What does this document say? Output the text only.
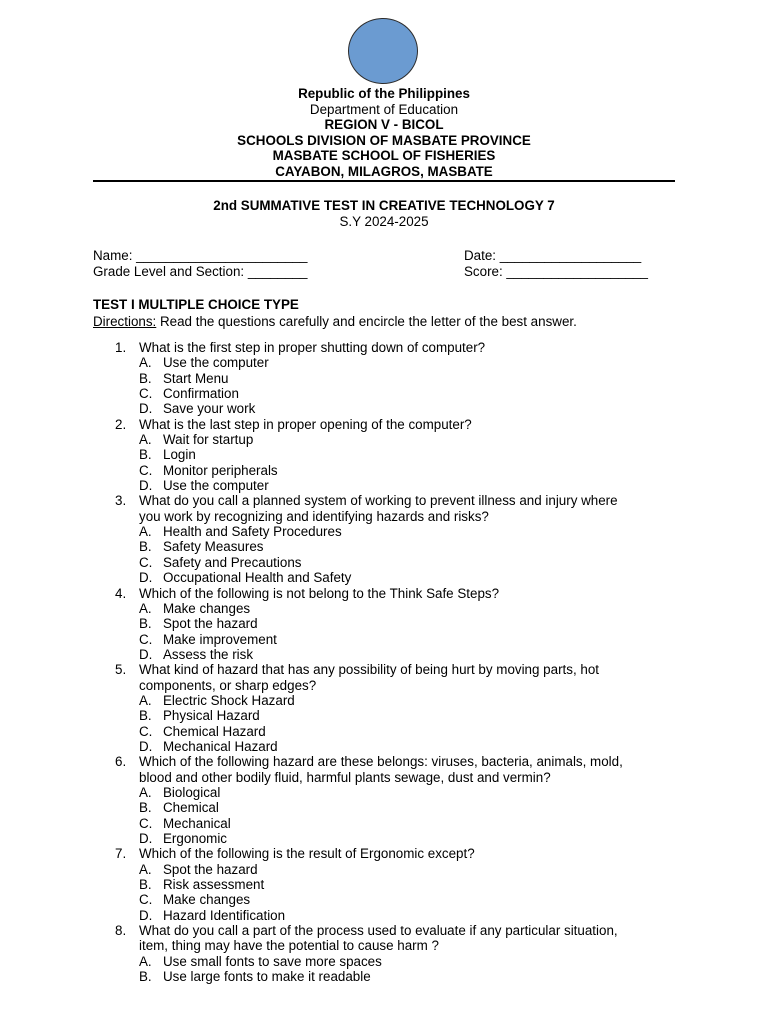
Republic of the Philippines
Department of Education
REGION V - BICOL
SCHOOLS DIVISION OF MASBATE PROVINCE
MASBATE SCHOOL OF FISHERIES
CAYABON, MILAGROS, MASBATE
2nd SUMMATIVE TEST IN CREATIVE TECHNOLOGY 7
S.Y 2024-2025
Name: _______________________
Grade Level and Section: ________
Date: ___________________
Score: ___________________
TEST I MULTIPLE CHOICE TYPE
Directions: Read the questions carefully and encircle the letter of the best answer.
1. What is the first step in proper shutting down of computer?
A. Use the computer
B. Start Menu
C. Confirmation
D. Save your work
2. What is the last step in proper opening of the computer?
A. Wait for startup
B. Login
C. Monitor peripherals
D. Use the computer
3. What do you call a planned system of working to prevent illness and injury where
you work by recognizing and identifying hazards and risks?
A. Health and Safety Procedures
B. Safety Measures
C. Safety and Precautions
D. Occupational Health and Safety
4. Which of the following is not belong to the Think Safe Steps?
A. Make changes
B. Spot the hazard
C. Make improvement
D. Assess the risk
5. What kind of hazard that has any possibility of being hurt by moving parts, hot
components, or sharp edges?
A. Electric Shock Hazard
B. Physical Hazard
C. Chemical Hazard
D. Mechanical Hazard
6. Which of the following hazard are these belongs: viruses, bacteria, animals, mold,
blood and other bodily fluid, harmful plants sewage, dust and vermin?
A. Biological
B. Chemical
C. Mechanical
D. Ergonomic
7. Which of the following is the result of Ergonomic except?
A. Spot the hazard
B. Risk assessment
C. Make changes
D. Hazard Identification
8. What do you call a part of the process used to evaluate if any particular situation,
item, thing may have the potential to cause harm ?
A. Use small fonts to save more spaces
B. Use large fonts to make it readable
